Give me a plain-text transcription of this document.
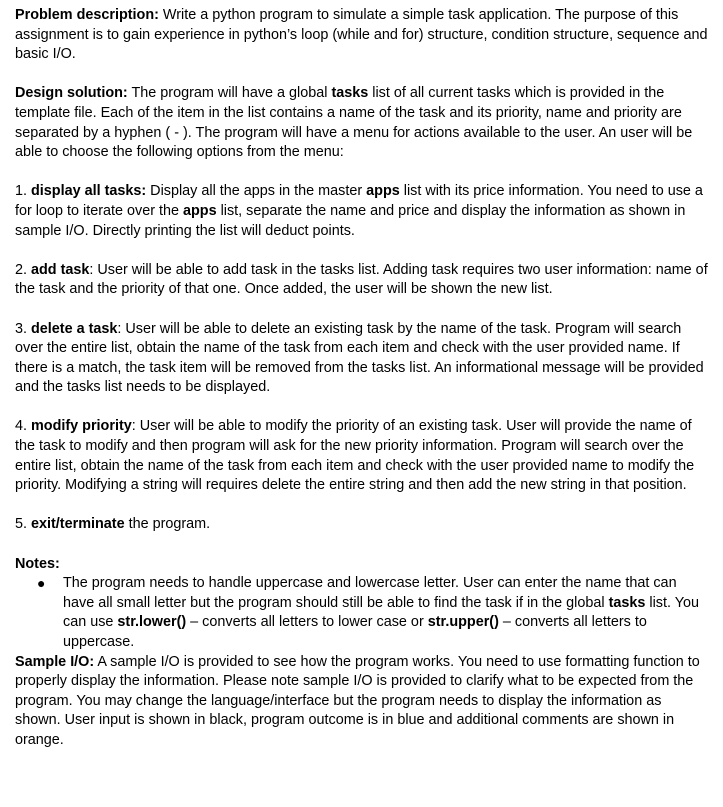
Problem description: Write a python program to simulate a simple task application. The purpose of this assignment is to gain experience in python’s loop (while and for) structure, condition structure, sequence and basic I/O.

Design solution: The program will have a global tasks list of all current tasks which is provided in the template file. Each of the item in the list contains a name of the task and its priority, name and priority are separated by a hyphen ( - ). The program will have a menu for actions available to the user. An user will be able to choose the following options from the menu:

1. display all tasks: Display all the apps in the master apps list with its price information. You need to use a for loop to iterate over the apps list, separate the name and price and display the information as shown in sample I/O. Directly printing the list will deduct points.

2. add task: User will be able to add task in the tasks list. Adding task requires two user information: name of the task and the priority of that one. Once added, the user will be shown the new list.

3. delete a task: User will be able to delete an existing task by the name of the task. Program will search over the entire list, obtain the name of the task from each item and check with the user provided name. If there is a match, the task item will be removed from the tasks list. An informational message will be provided and the tasks list needs to be displayed.

4. modify priority: User will be able to modify the priority of an existing task. User will provide the name of the task to modify and then program will ask for the new priority information. Program will search over the entire list, obtain the name of the task from each item and check with the user provided name to modify the priority. Modifying a string will requires delete the entire string and then add the new string in that position.

5. exit/terminate the program.

Notes:

● The program needs to handle uppercase and lowercase letter. User can enter the name that can have all small letter but the program should still be able to find the task if in the global tasks list. You can use str.lower() – converts all letters to lower case or str.upper() – converts all letters to uppercase.

Sample I/O: A sample I/O is provided to see how the program works. You need to use formatting function to properly display the information. Please note sample I/O is provided to clarify what to be expected from the program. You may change the language/interface but the program needs to display the information as shown. User input is shown in black, program outcome is in blue and additional comments are shown in orange.
